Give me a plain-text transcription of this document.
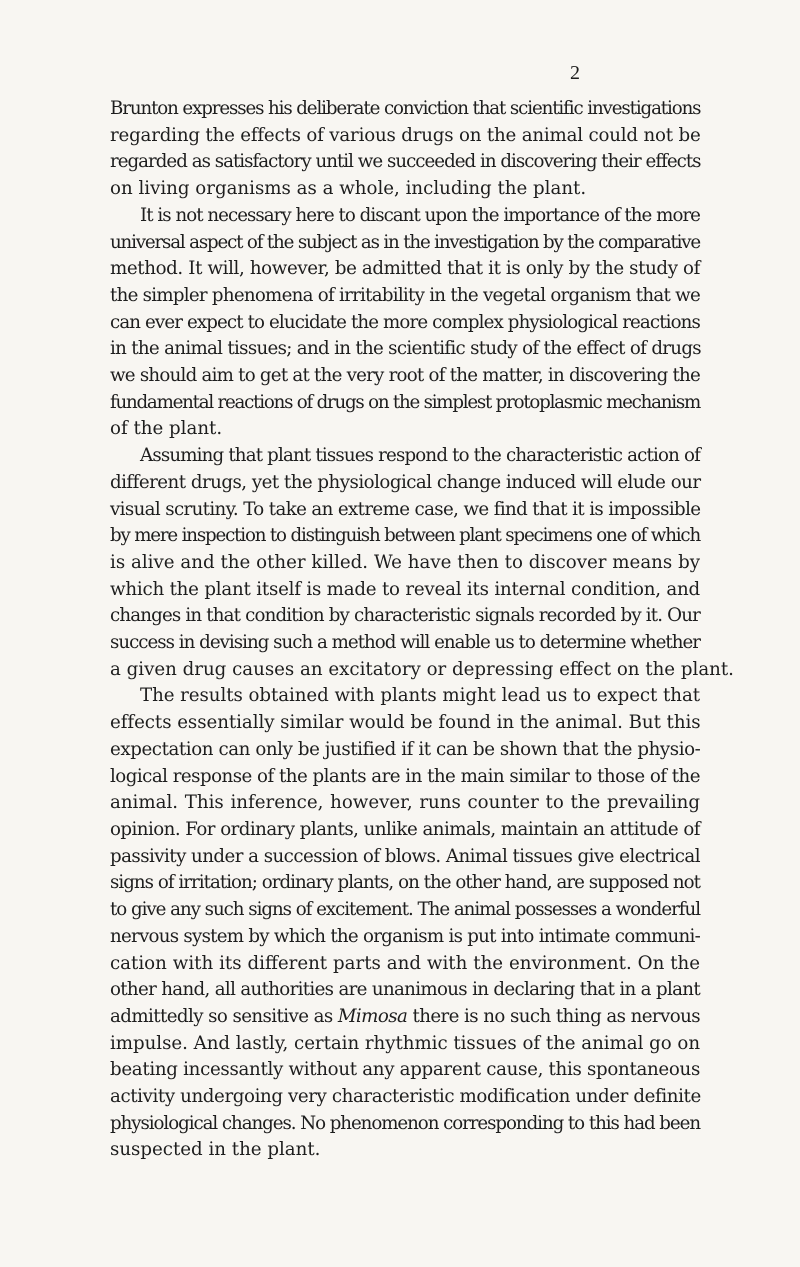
2

Brunton expresses his deliberate conviction that scientific investigations
regarding the effects of various drugs on the animal could not be
regarded as satisfactory until we succeeded in discovering their effects
on living organisms as a whole, including the plant.

It is not necessary here to discant upon the importance of the more
universal aspect of the subject as in the investigation by the comparative
method. It will, however, be admitted that it is only by the study of
the simpler phenomena of irritability in the vegetal organism that we
can ever expect to elucidate the more complex physiological reactions
in the animal tissues; and in the scientific study of the effect of drugs
we should aim to get at the very root of the matter, in discovering the
fundamental reactions of drugs on the simplest protoplasmic mechanism
of the plant.

Assuming that plant tissues respond to the characteristic action of
different drugs, yet the physiological change induced will elude our
visual scrutiny. To take an extreme case, we find that it is impossible
by mere inspection to distinguish between plant specimens one of which
is alive and the other killed. We have then to discover means by
which the plant itself is made to reveal its internal condition, and
changes in that condition by characteristic signals recorded by it. Our
success in devising such a method will enable us to determine whether
a given drug causes an excitatory or depressing effect on the plant.

The results obtained with plants might lead us to expect that
effects essentially similar would be found in the animal. But this
expectation can only be justified if it can be shown that the physio-
logical response of the plants are in the main similar to those of the
animal. This inference, however, runs counter to the prevailing
opinion. For ordinary plants, unlike animals, maintain an attitude of
passivity under a succession of blows. Animal tissues give electrical
signs of irritation; ordinary plants, on the other hand, are supposed not
to give any such signs of excitement. The animal possesses a wonderful
nervous system by which the organism is put into intimate communi-
cation with its different parts and with the environment. On the
other hand, all authorities are unanimous in declaring that in a plant
admittedly so sensitive as Mimosa there is no such thing as nervous
impulse. And lastly, certain rhythmic tissues of the animal go on
beating incessantly without any apparent cause, this spontaneous
activity undergoing very characteristic modification under definite
physiological changes. No phenomenon corresponding to this had been
suspected in the plant.
